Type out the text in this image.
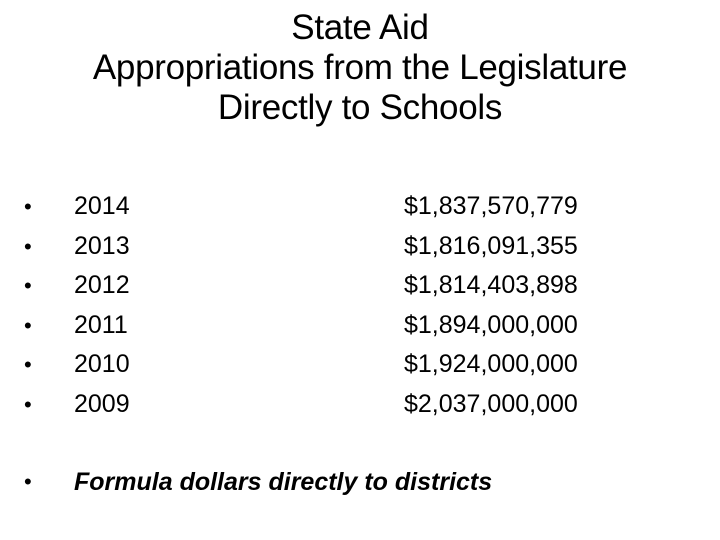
State Aid
Appropriations from the Legislature
Directly to Schools
• 2014	$1,837,570,779
• 2013	$1,816,091,355
• 2012	$1,814,403,898
• 2011	$1,894,000,000
• 2010	$1,924,000,000
• 2009	$2,037,000,000
• Formula dollars directly to districts
